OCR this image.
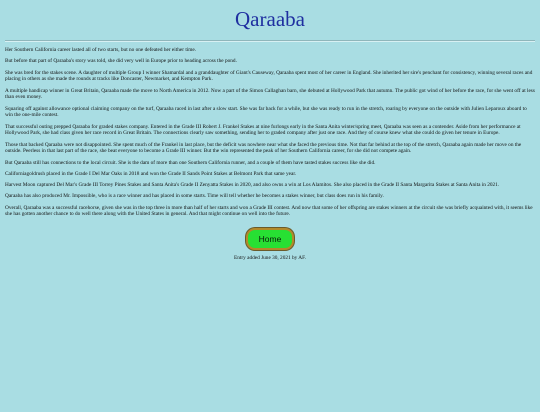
Qaraaba

Her Southern California career lasted all of two starts, but no one defeated her either time.

But before that part of Qaraaba's story was told, she did very well in Europe prior to heading across the pond.

She was bred for the stakes scene. A daughter of multiple Group I winner Shamardal and a granddaughter of Giant's Causeway, Qaraaba spent most of her career in England. She inherited her sire's penchant for consistency, winning several races and placing in others as she made the rounds at tracks like Doncaster, Newmarket, and Kempton Park.

A multiple handicap winner in Great Britain, Qaraaba made the move to North America in 2012. Now a part of the Simon Callaghan barn, she debuted at Hollywood Park that autumn. The public got wind of her before the race, for she went off at less than even money.

Squaring off against allowance optional claiming company on the turf, Qaraaba raced in last after a slow start. She was far back for a while, but she was ready to run in the stretch, roaring by everyone on the outside with Julien Leparoux aboard to win the one-mile contest.

That successful outing prepped Qaraaba for graded stakes company. Entered in the Grade III Robert J. Frankel Stakes at nine furlongs early in the Santa Anita winter/spring meet, Qaraaba was seen as a contender. Aside from her performance at Hollywood Park, she had class given her race record in Great Britain. The connections clearly saw something, sending her to graded company after just one race. And they of course knew what she could do given her tenure in Europe.

Those that backed Qaraaba were not disappointed. She spent much of the Frankel in last place, but the deficit was nowhere near what she faced the previous time. Not that far behind at the top of the stretch, Qaraaba again made her move on the outside. Peerless in that last part of the race, she beat everyone to become a Grade III winner. But the win represented the peak of her Southern California career, for she did not compete again.

But Qaraaba still has connections to the local circuit. She is the dam of more than one Southern California runner, and a couple of them have tasted stakes success like she did.

Californiagoldrush placed in the Grade I Del Mar Oaks in 2018 and won the Grade II Sands Point Stakes at Belmont Park that same year.

Harvest Moon captured Del Mar's Grade III Torrey Pines Stakes and Santa Anita's Grade II Zenyatta Stakes in 2020, and also owns a win at Los Alamitos. She also placed in the Grade II Santa Margarita Stakes at Santa Anita in 2021.

Qaraaba has also produced Mr. Impossible, who is a race winner and has placed in some starts. Time will tell whether he becomes a stakes winner, but class does run in his family.

Overall, Qaraaba was a successful racehorse, given she was in the top three in more than half of her starts and won a Grade III contest. And now that some of her offspring are stakes winners at the circuit she was briefly acquainted with, it seems like she has gotten another chance to do well there along with the United States in general. And that might continue on well into the future.

Home
Entry added June 30, 2021 by AF.
